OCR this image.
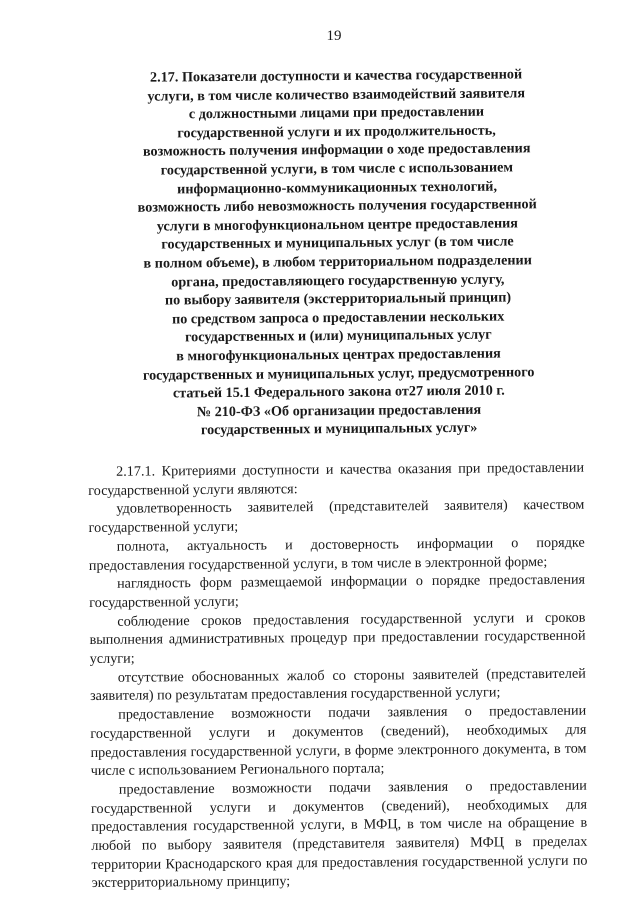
19
2.17. Показатели доступности и качества государственной
услуги, в том числе количество взаимодействий заявителя
с должностными лицами при предоставлении
государственной услуги и их продолжительность,
возможность получения информации о ходе предоставления
государственной услуги, в том числе с использованием
информационно-коммуникационных технологий,
возможность либо невозможность получения государственной
услуги в многофункциональном центре предоставления
государственных и муниципальных услуг (в том числе
в полном объеме), в любом территориальном подразделении
органа, предоставляющего государственную услугу,
по выбору заявителя (экстерриториальный принцип)
по средством запроса о предоставлении нескольких
государственных и (или) муниципальных услуг
в многофункциональных центрах предоставления
государственных и муниципальных услуг, предусмотренного
статьей 15.1 Федерального закона от27 июля 2010 г.
№ 210-ФЗ «Об организации предоставления
государственных и муниципальных услуг»

2.17.1. Критериями доступности и качества оказания при предоставлении государственной услуги являются:

удовлетворенность заявителей (представителей заявителя) качеством государственной услуги;

полнота, актуальность и достоверность информации о порядке предоставления государственной услуги, в том числе в электронной форме;

наглядность форм размещаемой информации о порядке предоставления государственной услуги;

соблюдение сроков предоставления государственной услуги и сроков выполнения административных процедур при предоставлении государственной услуги;

отсутствие обоснованных жалоб со стороны заявителей (представителей заявителя) по результатам предоставления государственной услуги;

предоставление возможности подачи заявления о предоставлении государственной услуги и документов (сведений), необходимых для предоставления государственной услуги, в форме электронного документа, в том числе с использованием Регионального портала;

предоставление возможности подачи заявления о предоставлении государственной услуги и документов (сведений), необходимых для предоставления государственной услуги, в МФЦ, в том числе на обращение в любой по выбору заявителя (представителя заявителя) МФЦ в пределах территории Краснодарского края для предоставления государственной услуги по экстерриториальному принципу;
